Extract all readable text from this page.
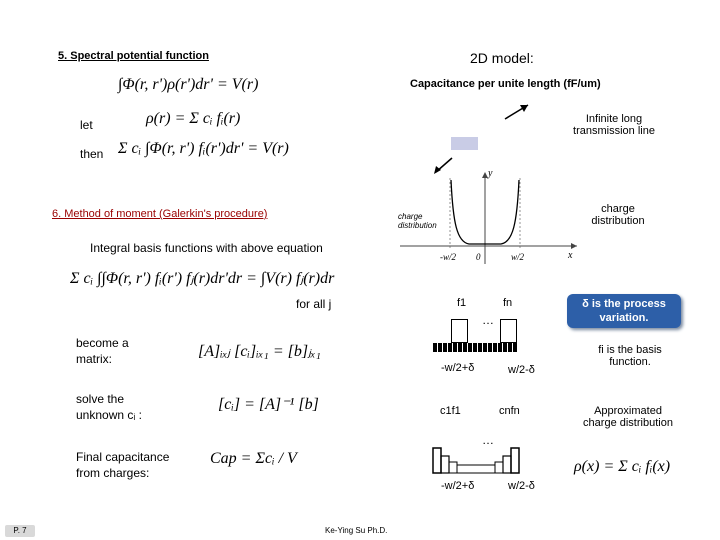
5. Spectral potential function
∫Φ(r, r')ρ(r')dr' = V(r)
let	ρ(r) = Σ cᵢ fᵢ(r)
then Σ cᵢ ∫Φ(r, r') fᵢ(r')dr' = V(r)
2D model:
Capacitance per unite length (fF/um)
Infinite long transmission line
charge distribution
charge distribution
y
x
-w/2 0	w/2
6. Method of moment (Galerkin's procedure)
Integral basis functions with above equation
Σ cᵢ ∫∫Φ(r, r') fᵢ(r') fⱼ(r)dr'dr = ∫V(r) fⱼ(r)dr
for all j
become a matrix:	[A]ᵢₓⱼ [cᵢ]ᵢₓ₁ = [b]ⱼₓ₁
solve the unknown cᵢ :
[cᵢ] = [A]⁻¹ [b]
Final capacitance from charges:
Cap = Σcᵢ / V
f1	fn
…
-w/2+δ	w/2-δ
c1f1	cnfn
…
-w/2+δ	w/2-δ
δ is the process variation.
fi is the basis function.
Approximated charge distribution
ρ(x) = Σ cᵢ fᵢ(x)
P. 7	Ke-Ying Su Ph.D.
